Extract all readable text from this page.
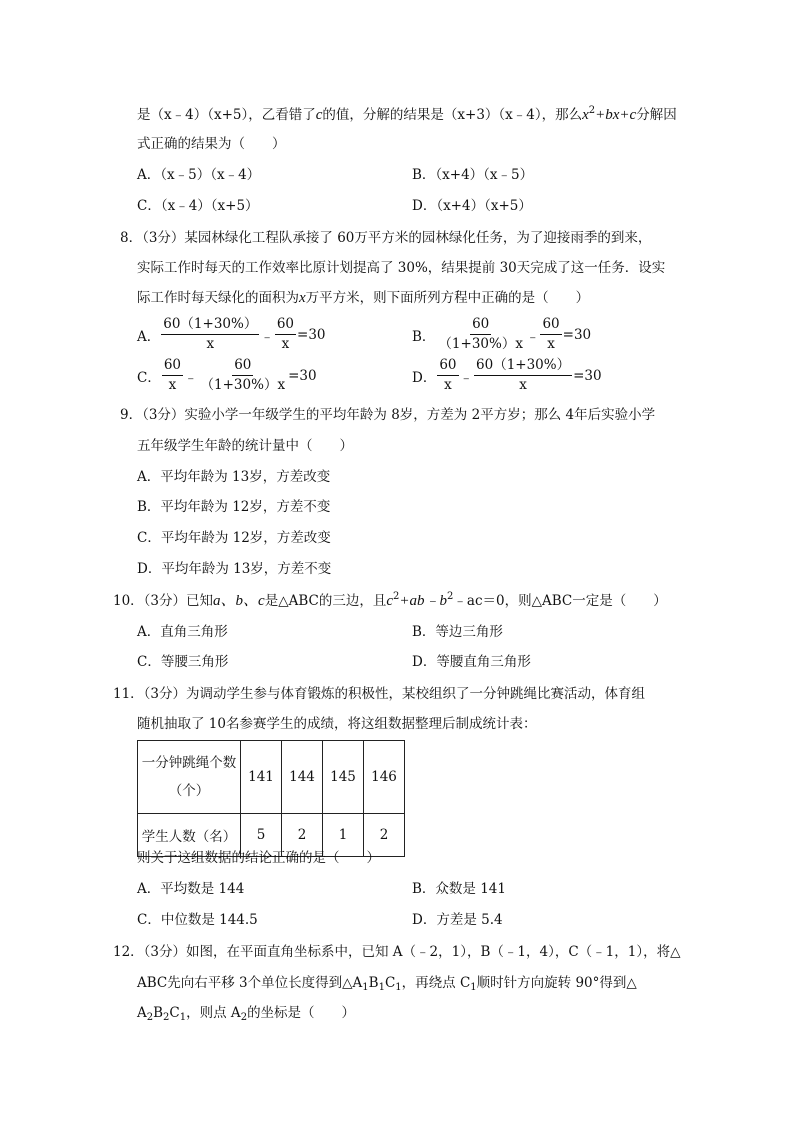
是（x﹣4）（x+5），乙看错了c的值，分解的结果是（x+3）（x﹣4），那么$x^2+bx+c$分解因
式正确的结果为（　　）
A．（x﹣5）（x﹣4）	B．（x+4）（x﹣5）
C．（x﹣4）（x+5）	D．（x+4）（x+5）
8．（3分）某园林绿化工程队承接了 60万平方米的园林绿化任务，为了迎接雨季的到来，
实际工作时每天的工作效率比原计划提高了 30%，结果提前 30天完成了这一任务．设实
际工作时每天绿化的面积为x万平方米，则下面所列方程中正确的是（　　）
A． $\frac{60(1+30\%)}{x}$ ﹣ $\frac{60}{x} =30$	B． $\frac{60}{(1+30\%)x}$ ﹣ $\frac{60}{x} =30$
C． $\frac{60}{x}$ ﹣ $\frac{60}{(1+30\%)x} =30$	D． $\frac{60}{x}$ ﹣ $\frac{60(1+30\%)}{x} =30$
9．（3分）实验小学一年级学生的平均年龄为 8岁，方差为 2平方岁；那么 4年后实验小学
五年级学生年龄的统计量中（　　）
A．平均年龄为 13岁，方差改变
B．平均年龄为 12岁，方差不变
C．平均年龄为 12岁，方差改变
D．平均年龄为 13岁，方差不变
10．（3分）已知a、b、c是△ABC的三边，且$c^2+ab﹣b^2﹣ac=0$，则△ABC一定是（　　）
A．直角三角形	B．等边三角形
C．等腰三角形	D．等腰直角三角形
11．（3分）为调动学生参与体育锻炼的积极性，某校组织了一分钟跳绳比赛活动，体育组
随机抽取了 10名参赛学生的成绩，将这组数据整理后制成统计表：
一分钟跳绳个数
（个）	141	144	145	146
学生人数（名）	5	2	1	2
则关于这组数据的结论正确的是（　　）
A．平均数是 144	B．众数是 141
C．中位数是 144.5	D．方差是 5.4
12．（3分）如图，在平面直角坐标系中，已知 A（﹣2，1），B（﹣1，4），C（﹣1，1），将△
ABC先向右平移 3个单位长度得到$\triangle A_1B_1C_1$，再绕点 $C_1$顺时针方向旋转 90°得到△
$A_2B_2C_1$，则点 $A_2$的坐标是（　　）
